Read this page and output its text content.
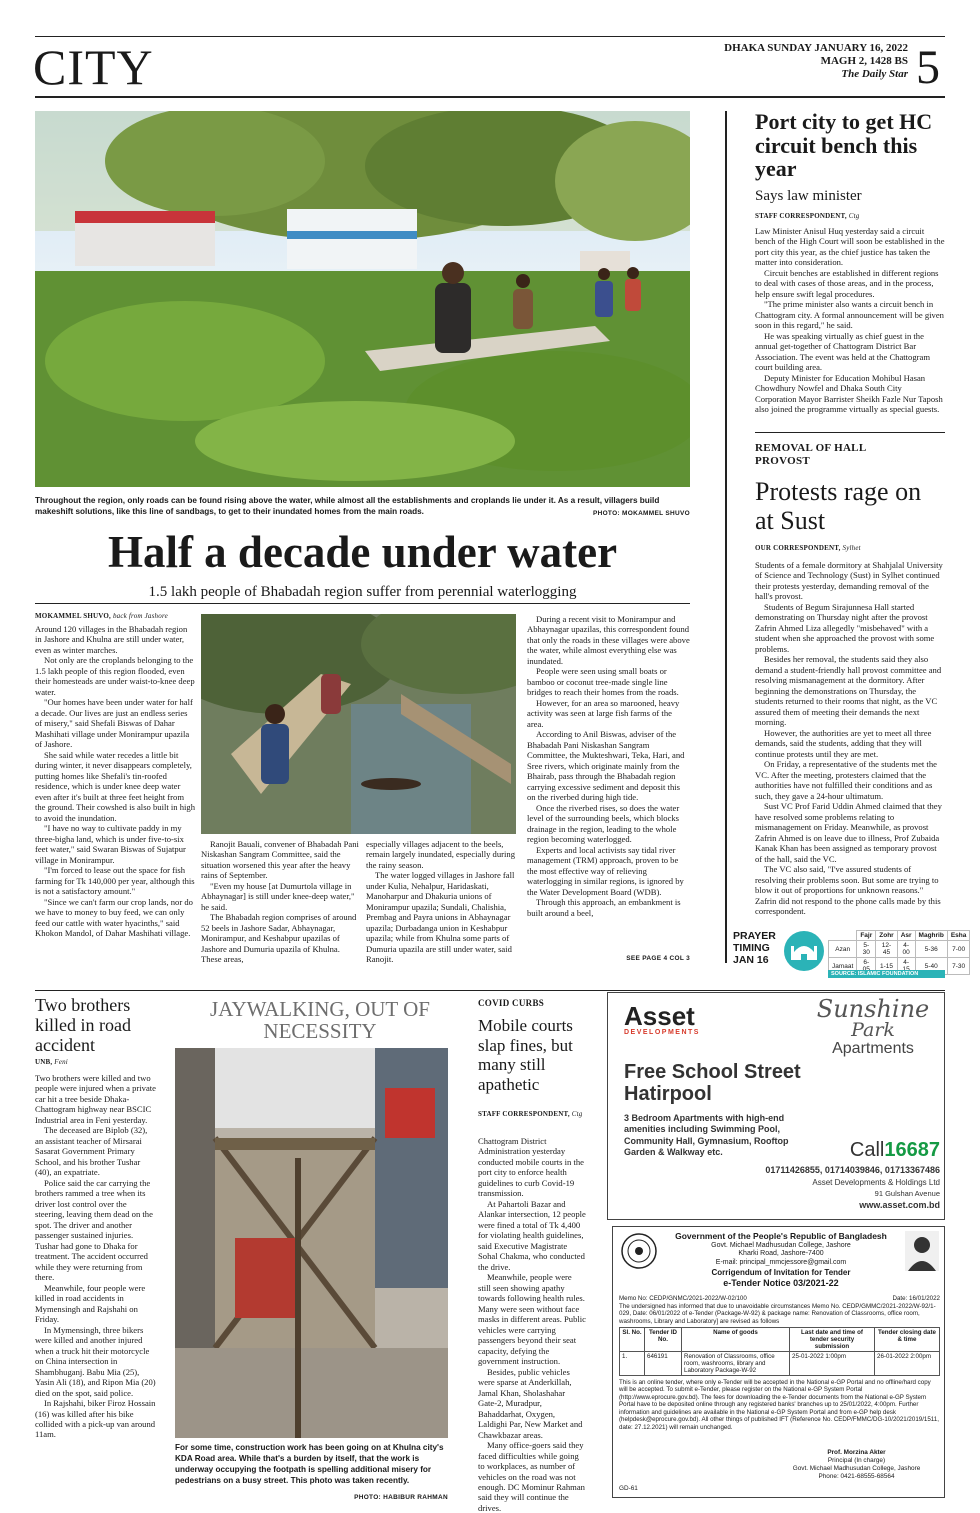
CITY	DHAKA SUNDAY JANUARY 16, 2022
MAGH 2, 1428 BS
The Daily Star 5
Throughout the region, only roads can be found rising above the water, while almost all the establishments and croplands lie under it. As a result, villagers build makeshift solutions, like this line of sandbags, to get to their inundated homes from the main roads.	PHOTO: MOKAMMEL SHUVO
Half a decade under water
1.5 lakh people of Bhabadah region suffer from perennial waterlogging
MOKAMMEL SHUVO, back from Jashore

Around 120 villages in the Bhabadah region in Jashore and Khulna are still under water, even as winter marches.

Not only are the croplands belonging to the 1.5 lakh people of this region flooded, even their homesteads are under waist-to-knee deep water.

"Our homes have been under water for half a decade. Our lives are just an endless series of misery," said Shefali Biswas of Dahar Mashihati village under Monirampur upazila of Jashore.

She said while water recedes a little bit during winter, it never disappears completely, putting homes like Shefali's tin-roofed residence, which is under knee deep water even after it's built at three feet height from the ground. Their cowshed is also built in high to avoid the inundation.

"I have no way to cultivate paddy in my three-bigha land, which is under five-to-six feet water," said Swaran Biswas of Sujatpur village in Monirampur.

"I'm forced to lease out the space for fish farming for Tk 140,000 per year, although this is not a satisfactory amount."

"Since we can't farm our crop lands, nor do we have to money to buy feed, we can only feed our cattle with water hyacinths," said Khokon Mandol, of Dahar Mashihati village.

Ranojit Bauali, convener of Bhabadah Pani Niskashan Sangram Committee, said the situation worsened this year after the heavy rains of September.

"Even my house [at Dumurtola village in Abhaynagar] is still under knee-deep water," he said.

The Bhabadah region comprises of around 52 beels in Jashore Sadar, Abhaynagar, Monirampur, and Keshabpur upazilas of Jashore and Dumuria upazila of Khulna. These areas,

especially villages adjacent to the beels, remain largely inundated, especially during the rainy season.

The water logged villages in Jashore fall under Kulia, Nehalpur, Haridaskati, Manoharpur and Dhakuria unions of Monirampur upazila; Sundali, Chalishia, Prembag and Payra unions in Abhaynagar upazila; Durbadanga union in Keshabpur upazila; while from Khulna some parts of Dumuria upazila are still under water, said Ranojit.

During a recent visit to Monirampur and Abhaynagar upazilas, this correspondent found that only the roads in these villages were above the water, while almost everything else was inundated.

People were seen using small boats or bamboo or coconut tree-made single line bridges to reach their homes from the roads.

However, for an area so marooned, heavy activity was seen at large fish farms of the area.

According to Anil Biswas, adviser of the Bhabadah Pani Niskashan Sangram Committee, the Mukteshwari, Teka, Hari, and Sree rivers, which originate mainly from the Bhairab, pass through the Bhabadah region carrying excessive sediment and deposit this on the riverbed during high tide.

Once the riverbed rises, so does the water level of the surrounding beels, which blocks drainage in the region, leading to the whole region becoming waterlogged.

Experts and local activists say tidal river management (TRM) approach, proven to be the most effective way of relieving waterlogging in similar regions, is ignored by the Water Development Board (WDB).

Through this approach, an embankment is built around a beel,

SEE PAGE 4 COL 3
Port city to get HC circuit bench this year
Says law minister
STAFF CORRESPONDENT, Ctg

Law Minister Anisul Huq yesterday said a circuit bench of the High Court will soon be established in the port city this year, as the chief justice has taken the matter into consideration.

Circuit benches are established in different regions to deal with cases of those areas, and in the process, help ensure swift legal procedures.

"The prime minister also wants a circuit bench in Chattogram city. A formal announcement will be given soon in this regard," he said.

He was speaking virtually as chief guest in the annual get-together of Chattogram District Bar Association. The event was held at the Chattogram court building area.

Deputy Minister for Education Mohibul Hasan Chowdhury Nowfel and Dhaka South City Corporation Mayor Barrister Sheikh Fazle Nur Taposh also joined the programme virtually as special guests.

REMOVAL OF HALL PROVOST
Protests rage on at Sust
OUR CORRESPONDENT, Sylhet

Students of a female dormitory at Shahjalal University of Science and Technology (Sust) in Sylhet continued their protests yesterday, demanding removal of the hall's provost.

Students of Begum Sirajunnesa Hall started demonstrating on Thursday night after the provost Zafrin Ahmed Liza allegedly "misbehaved" with a student when she approached the provost with some problems.

Besides her removal, the students said they also demand a student-friendly hall provost committee and resolving mismanagement at the dormitory. After beginning the demonstrations on Thursday, the students returned to their rooms that night, as the VC assured them of meeting their demands the next morning.

However, the authorities are yet to meet all three demands, said the students, adding that they will continue protests until they are met.

On Friday, a representative of the students met the VC. After the meeting, protesters claimed that the authorities have not fulfilled their conditions and as such, they gave a 24-hour ultimatum.

Sust VC Prof Farid Uddin Ahmed claimed that they have resolved some problems relating to mismanagement on Friday. Meanwhile, as provost Zafrin Ahmed is on leave due to illness, Prof Zubaida Kanak Khan has been assigned as temporary provost of the hall, said the VC.

The VC also said, "I've assured students of resolving their problems soon. But some are trying to blow it out of proportions for unknown reasons." Zafrin did not respond to the phone calls made by this correspondent.

PRAYER
TIMING
JAN 16
	Fajr	Zohr	Asr	Maghrib	Esha
Azan	5-30	12-45	4-00	5-36	7-00
Jamaat	6-	1-15	4-	5-40	7-30
SOURCE: ISLAMIC FOUNDATION
Two brothers killed in road accident
UNB, Feni

Two brothers were killed and two people were injured when a private car hit a tree beside Dhaka-Chattogram highway near BSCIC Industrial area in Feni yesterday.

The deceased are Biplob (32), an assistant teacher of Mirsarai Sasarat Government Primary School, and his brother Tushar (40), an expatriate.

Police said the car carrying the brothers rammed a tree when its driver lost control over the steering, leaving them dead on the spot. The driver and another passenger sustained injuries. Tushar had gone to Dhaka for treatment. The accident occurred while they were returning from there.

Meanwhile, four people were killed in road accidents in Mymensingh and Rajshahi on Friday.

In Mymensingh, three bikers were killed and another injured when a truck hit their motorcycle on China intersection in Shambhuganj. Babu Mia (25), Yasin Ali (18), and Ripon Mia (20) died on the spot, said police.

In Rajshahi, biker Firoz Hossain (16) was killed after his bike collided with a pick-up van around 11am.

JAYWALKING, OUT OF NECESSITY
For some time, construction work has been going on at Khulna city's KDA Road area. While that's a burden by itself, that the work is underway occupying the footpath is spelling additional misery for pedestrians on a busy street. This photo was taken recently.
PHOTO: HABIBUR RAHMAN
COVID CURBS
Mobile courts slap fines, but many still apathetic
STAFF CORRESPONDENT, Ctg

Chattogram District Administration yesterday conducted mobile courts in the port city to enforce health guidelines to curb Covid-19 transmission.

At Pahartoli Bazar and Alankar intersection, 12 people were fined a total of Tk 4,400 for violating health guidelines, said Executive Magistrate Sohal Chakma, who conducted the drive.

Meanwhile, people were still seen showing apathy towards following health rules. Many were seen without face masks in different areas. Public vehicles were carrying passengers beyond their seat capacity, defying the government instruction.

Besides, public vehicles were sparse at Anderkillah, Jamal Khan, Sholashahar Gate-2, Muradpur, Bahaddarhat, Oxygen, Laldighi Par, New Market and Chawkbazar areas.

Many office-goers said they faced difficulties while going to workplaces, as number of vehicles on the road was not enough. DC Mominur Rahman said they will continue the drives.

Asset
DEVELOPMENTS
Sunshine
Park
Apartments
Free School Street
Hatirpool
3 Bedroom Apartments with high-end amenities including Swimming Pool, Community Hall, Gymnasium, Rooftop Garden & Walkway etc.	Call16687
01711426855, 01714039846, 01713367486
Asset Developments & Holdings Ltd
91 Gulshan Avenue
www.asset.com.bd
Government of the People's Republic of Bangladesh
Govt. Michael Madhusudan College, Jashore
Kharki Road, Jashore-7400
E-mail: principal_mmcjessore@gmail.com
Corrigendum of Invitation for Tender
e-Tender Notice 03/2021-22
Memo No: CEDP/GNMC/2021-2022/W-02/100	Date: 16/01/2022
The undersigned has informed that due to unavoidable circumstances Memo No. CEDP/GMMC/2021-2022/W-92/1-029, Date: 06/01/2022 of e-Tender (Package-W-92) & package name: Renovation of Classrooms, office room, washrooms, Library and Laboratory] are revised as follows
Sl. No.	Tender ID No.	Name of goods	Last date and time of tender security submission	Tender closing date & time
1.	646191	Renovation of Classrooms, office room, washrooms, library and Laboratory Package-W-92	25-01-2022 1:00pm	26-01-2022 2:00pm
This is an online tender, where only e-Tender will be accepted in the National e-GP Portal and no offline/hard copy will be accepted. To submit e-Tender, please register on the National e-GP System Portal (http://www.eprocure.gov.bd). The fees for downloading the e-Tender documents from the National e-GP System Portal have to be deposited online through any registered banks' branches up to 25/01/2022, 4:00pm. Further information and guidelines are available in the National e-GP System Portal and from e-GP help desk (helpdesk@eprocure.gov.bd). All other things of published IFT (Reference No. CEDP/FMMC/DG-10/2021/2019/1511, date: 27.12.2021) will remain unchanged.
Prof. Morzina Akter
Principal (In charge)
Govt. Michael Madhusudan College, Jashore
Phone: 0421-68555-68564
GD-61
